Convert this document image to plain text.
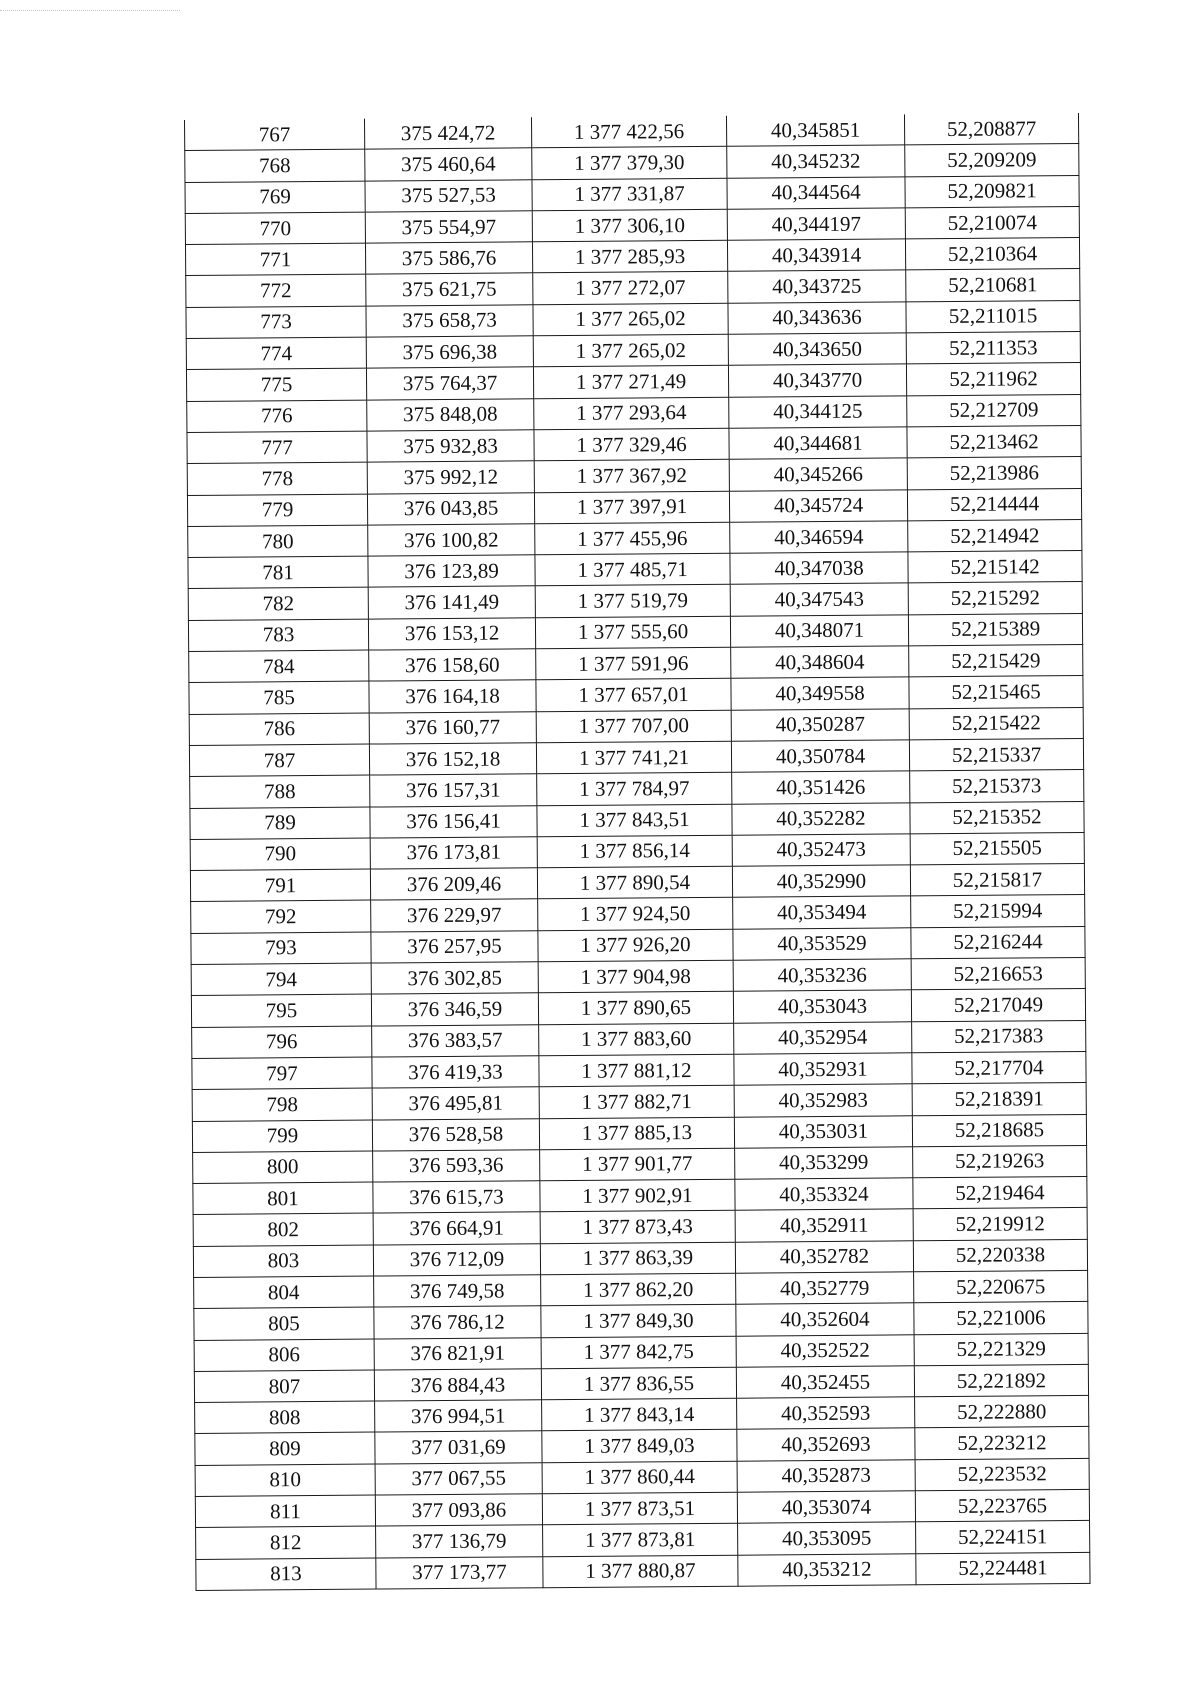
767	375 424,72	1 377 422,56	40,345851	52,208877
768	375 460,64	1 377 379,30	40,345232	52,209209
769	375 527,53	1 377 331,87	40,344564	52,209821
770	375 554,97	1 377 306,10	40,344197	52,210074
771	375 586,76	1 377 285,93	40,343914	52,210364
772	375 621,75	1 377 272,07	40,343725	52,210681
773	375 658,73	1 377 265,02	40,343636	52,211015
774	375 696,38	1 377 265,02	40,343650	52,211353
775	375 764,37	1 377 271,49	40,343770	52,211962
776	375 848,08	1 377 293,64	40,344125	52,212709
777	375 932,83	1 377 329,46	40,344681	52,213462
778	375 992,12	1 377 367,92	40,345266	52,213986
779	376 043,85	1 377 397,91	40,345724	52,214444
780	376 100,82	1 377 455,96	40,346594	52,214942
781	376 123,89	1 377 485,71	40,347038	52,215142
782	376 141,49	1 377 519,79	40,347543	52,215292
783	376 153,12	1 377 555,60	40,348071	52,215389
784	376 158,60	1 377 591,96	40,348604	52,215429
785	376 164,18	1 377 657,01	40,349558	52,215465
786	376 160,77	1 377 707,00	40,350287	52,215422
787	376 152,18	1 377 741,21	40,350784	52,215337
788	376 157,31	1 377 784,97	40,351426	52,215373
789	376 156,41	1 377 843,51	40,352282	52,215352
790	376 173,81	1 377 856,14	40,352473	52,215505
791	376 209,46	1 377 890,54	40,352990	52,215817
792	376 229,97	1 377 924,50	40,353494	52,215994
793	376 257,95	1 377 926,20	40,353529	52,216244
794	376 302,85	1 377 904,98	40,353236	52,216653
795	376 346,59	1 377 890,65	40,353043	52,217049
796	376 383,57	1 377 883,60	40,352954	52,217383
797	376 419,33	1 377 881,12	40,352931	52,217704
798	376 495,81	1 377 882,71	40,352983	52,218391
799	376 528,58	1 377 885,13	40,353031	52,218685
800	376 593,36	1 377 901,77	40,353299	52,219263
801	376 615,73	1 377 902,91	40,353324	52,219464
802	376 664,91	1 377 873,43	40,352911	52,219912
803	376 712,09	1 377 863,39	40,352782	52,220338
804	376 749,58	1 377 862,20	40,352779	52,220675
805	376 786,12	1 377 849,30	40,352604	52,221006
806	376 821,91	1 377 842,75	40,352522	52,221329
807	376 884,43	1 377 836,55	40,352455	52,221892
808	376 994,51	1 377 843,14	40,352593	52,222880
809	377 031,69	1 377 849,03	40,352693	52,223212
810	377 067,55	1 377 860,44	40,352873	52,223532
811	377 093,86	1 377 873,51	40,353074	52,223765
812	377 136,79	1 377 873,81	40,353095	52,224151
813	377 173,77	1 377 880,87	40,353212	52,224481
